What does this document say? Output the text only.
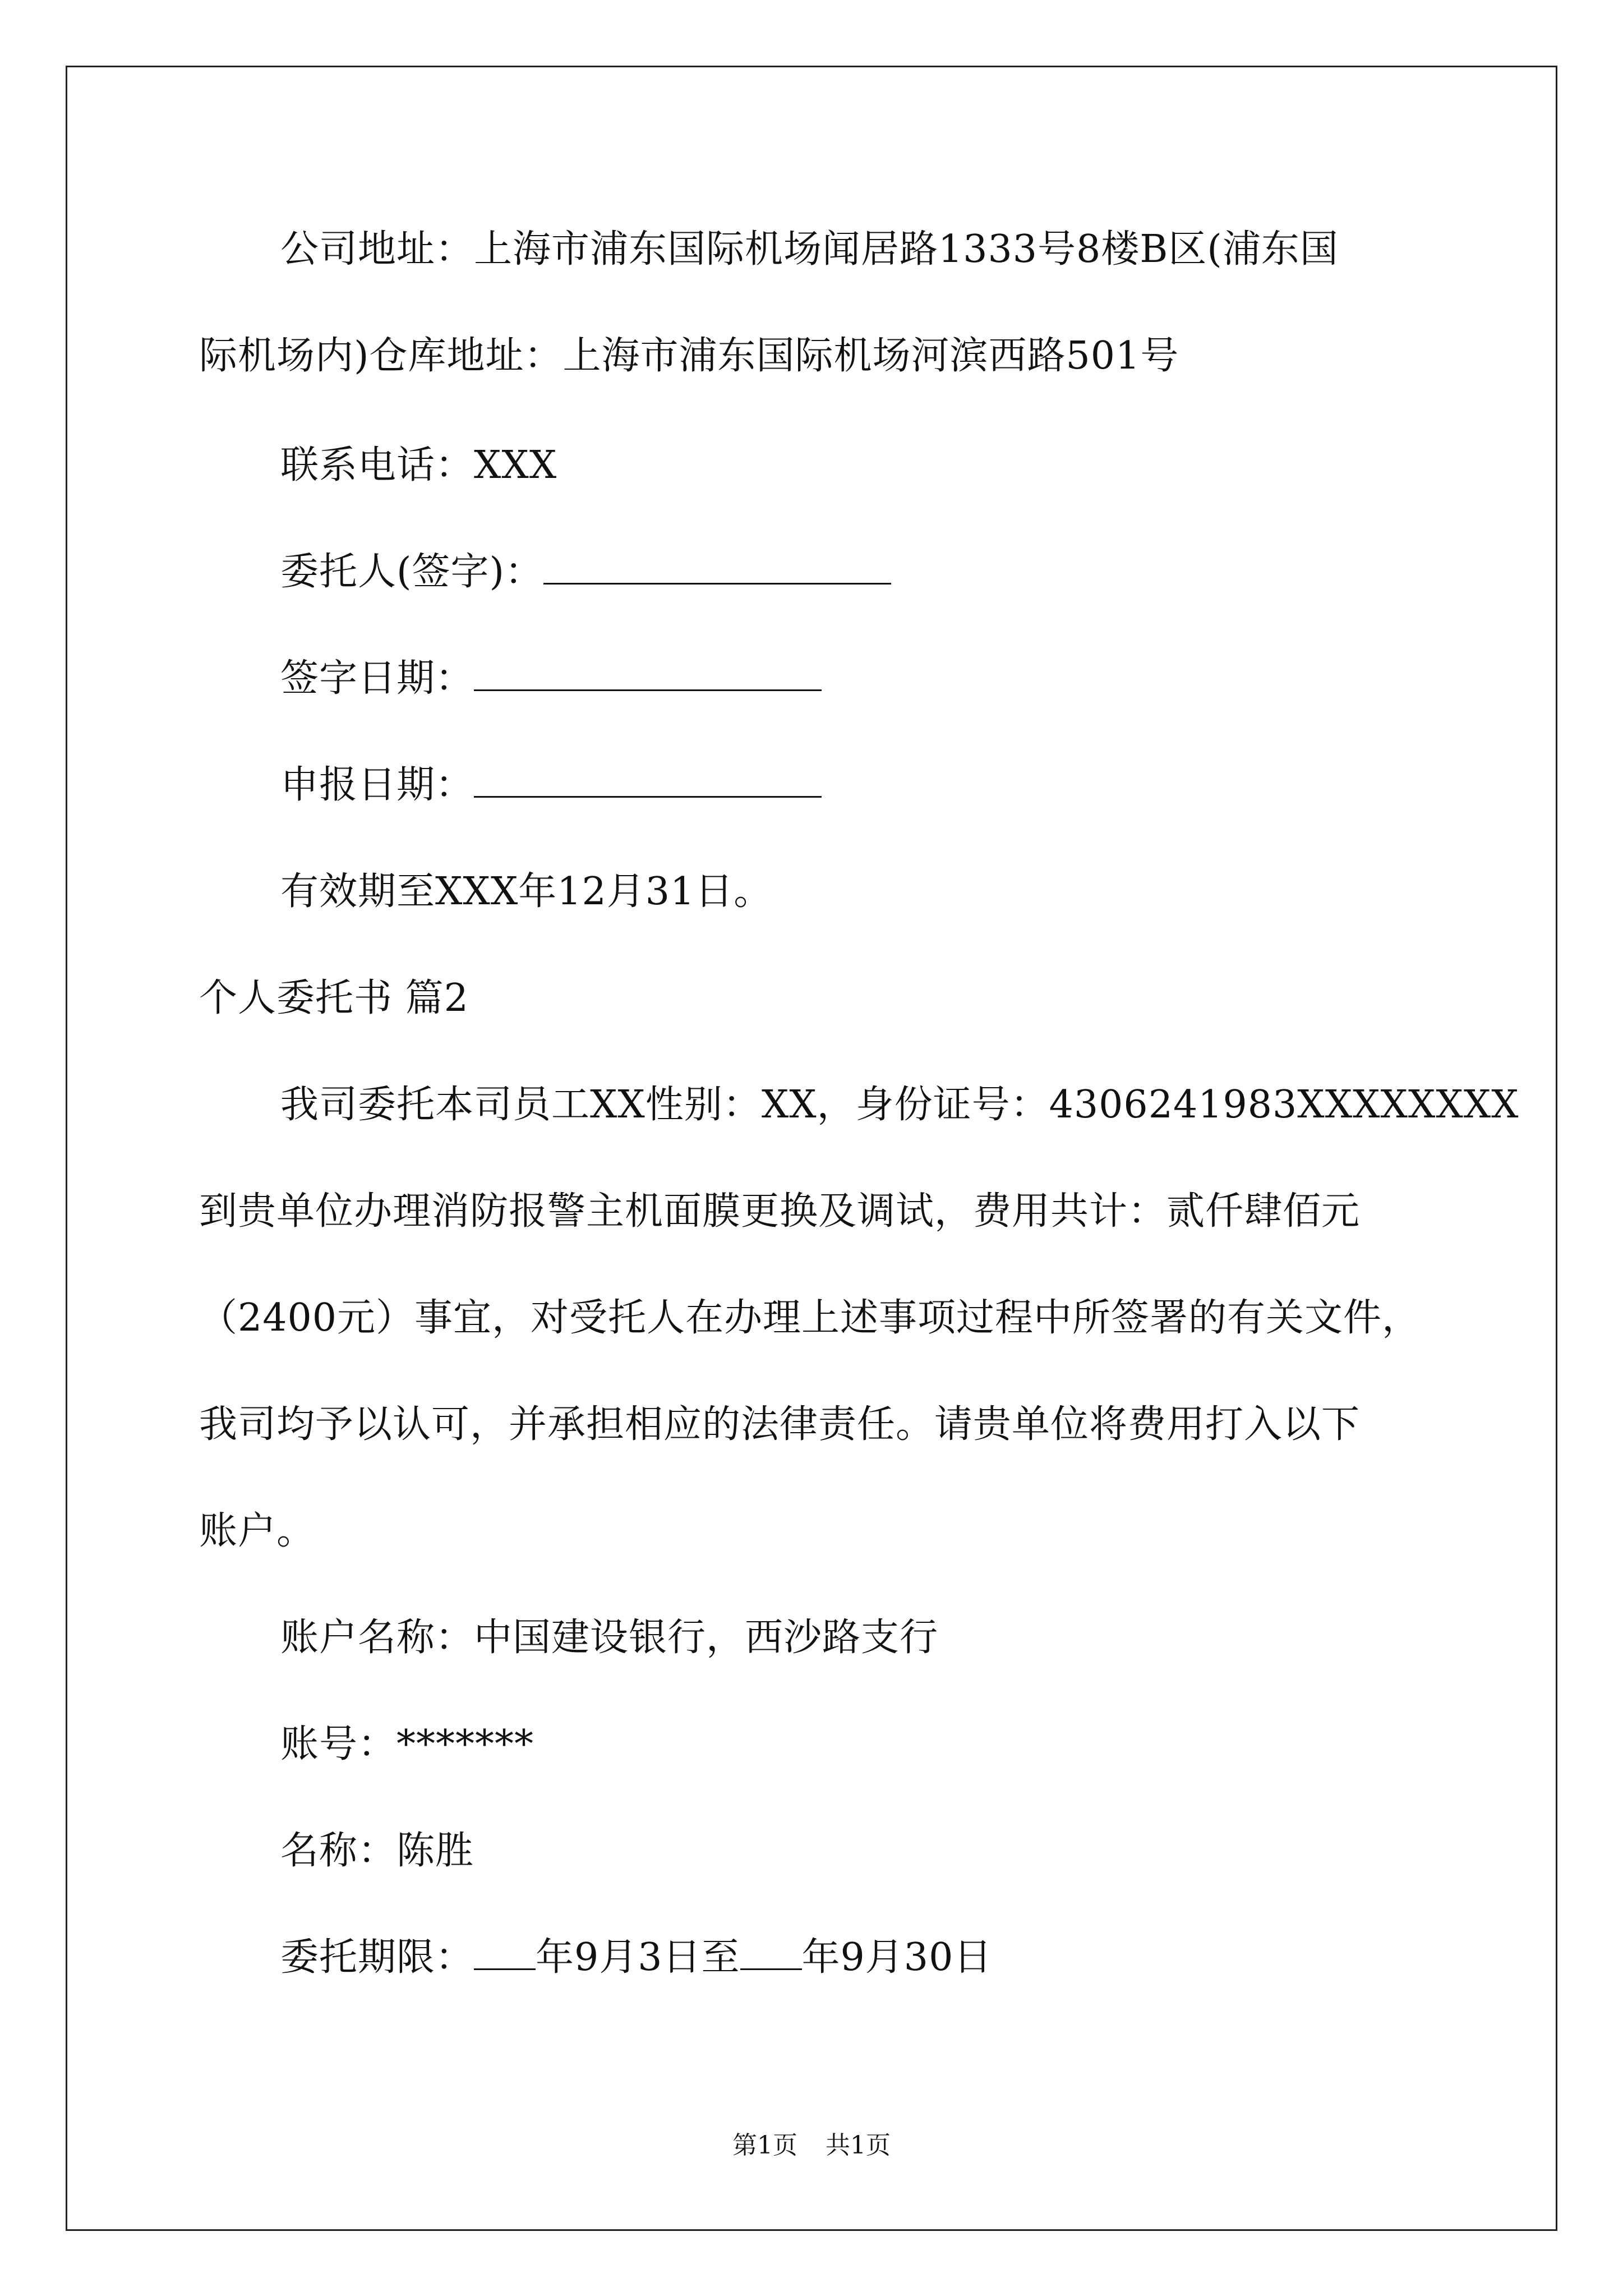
公司地址：上海市浦东国际机场闻居路1333号8楼B区(浦东国
际机场内)仓库地址：上海市浦东国际机场河滨西路501号
联系电话：XXX
委托人(签字)：
签字日期：
申报日期：
有效期至XXX年12月31日。
个人委托书 篇2
我司委托本司员工XX性别：XX，身份证号：4306241983XXXXXXXX
到贵单位办理消防报警主机面膜更换及调试，费用共计：贰仟肆佰元
（2400元）事宜，对受托人在办理上述事项过程中所签署的有关文件，
我司均予以认可，并承担相应的法律责任。请贵单位将费用打入以下
账户。
账户名称：中国建设银行，西沙路支行
账号：*******
名称：陈胜
委托期限： 年9月3日至 年9月30日
第1页 共1页
